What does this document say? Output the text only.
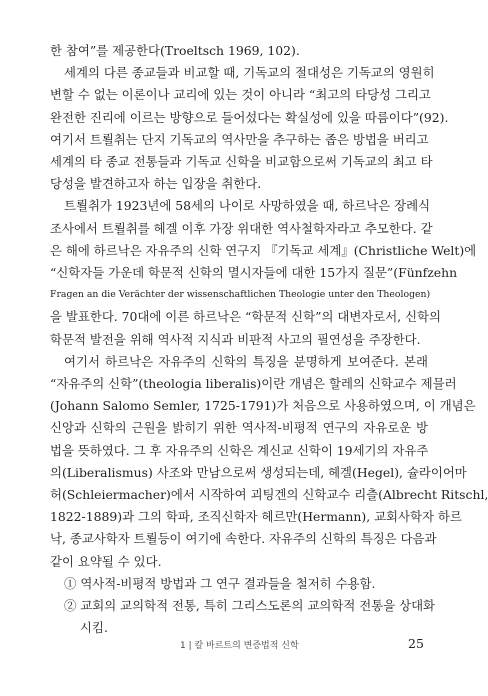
한 참여”를 제공한다(Troeltsch 1969, 102).
세계의 다른 종교들과 비교할 때, 기독교의 절대성은 기독교의 영원히
변할 수 없는 이론이나 교리에 있는 것이 아니라 “최고의 타당성 그리고
완전한 진리에 이르는 방향으로 들어섰다는 확실성에 있을 따름이다”(92).
여기서 트뢸취는 단지 기독교의 역사만을 추구하는 좁은 방법을 버리고
세계의 타 종교 전통들과 기독교 신학을 비교함으로써 기독교의 최고 타
당성을 발견하고자 하는 입장을 취한다.
트뢸취가 1923년에 58세의 나이로 사망하였을 때, 하르낙은 장례식
조사에서 트뢸취를 헤겔 이후 가장 위대한 역사철학자라고 추모한다. 같
은 해에 하르낙은 자유주의 신학 연구지 『기독교 세계』(Christliche Welt)에
“신학자들 가운데 학문적 신학의 멸시자들에 대한 15가지 질문”(Fünfzehn
Fragen an die Verächter der wissenschaftlichen Theologie unter den Theologen)
을 발표한다. 70대에 이른 하르낙은 “학문적 신학”의 대변자로서, 신학의
학문적 발전을 위해 역사적 지식과 비판적 사고의 필연성을 주장한다.
여기서 하르낙은 자유주의 신학의 특징을 분명하게 보여준다. 본래
“자유주의 신학”(theologia liberalis)이란 개념은 할레의 신학교수 제믈러
(Johann Salomo Semler, 1725-1791)가 처음으로 사용하였으며, 이 개념은
신앙과 신학의 근원을 밝히기 위한 역사적-비평적 연구의 자유로운 방
법을 뜻하였다. 그 후 자유주의 신학은 계신교 신학이 19세기의 자유주
의(Liberalismus) 사조와 만남으로써 생성되는데, 헤겔(Hegel), 슐라이어마
허(Schleiermacher)에서 시작하여 괴팅겐의 신학교수 리츨(Albrecht Ritschl,
1822-1889)과 그의 학파, 조직신학자 헤르만(Hermann), 교회사학자 하르
낙, 종교사학자 트뢸등이 여기에 속한다. 자유주의 신학의 특징은 다음과
같이 요약될 수 있다.
① 역사적-비평적 방법과 그 연구 결과들을 철저히 수용함.
② 교회의 교의학적 전통, 특히 그리스도론의 교의학적 전통을 상대화
시킴.
1 | 칼 바르트의 변증법적 신학	25
